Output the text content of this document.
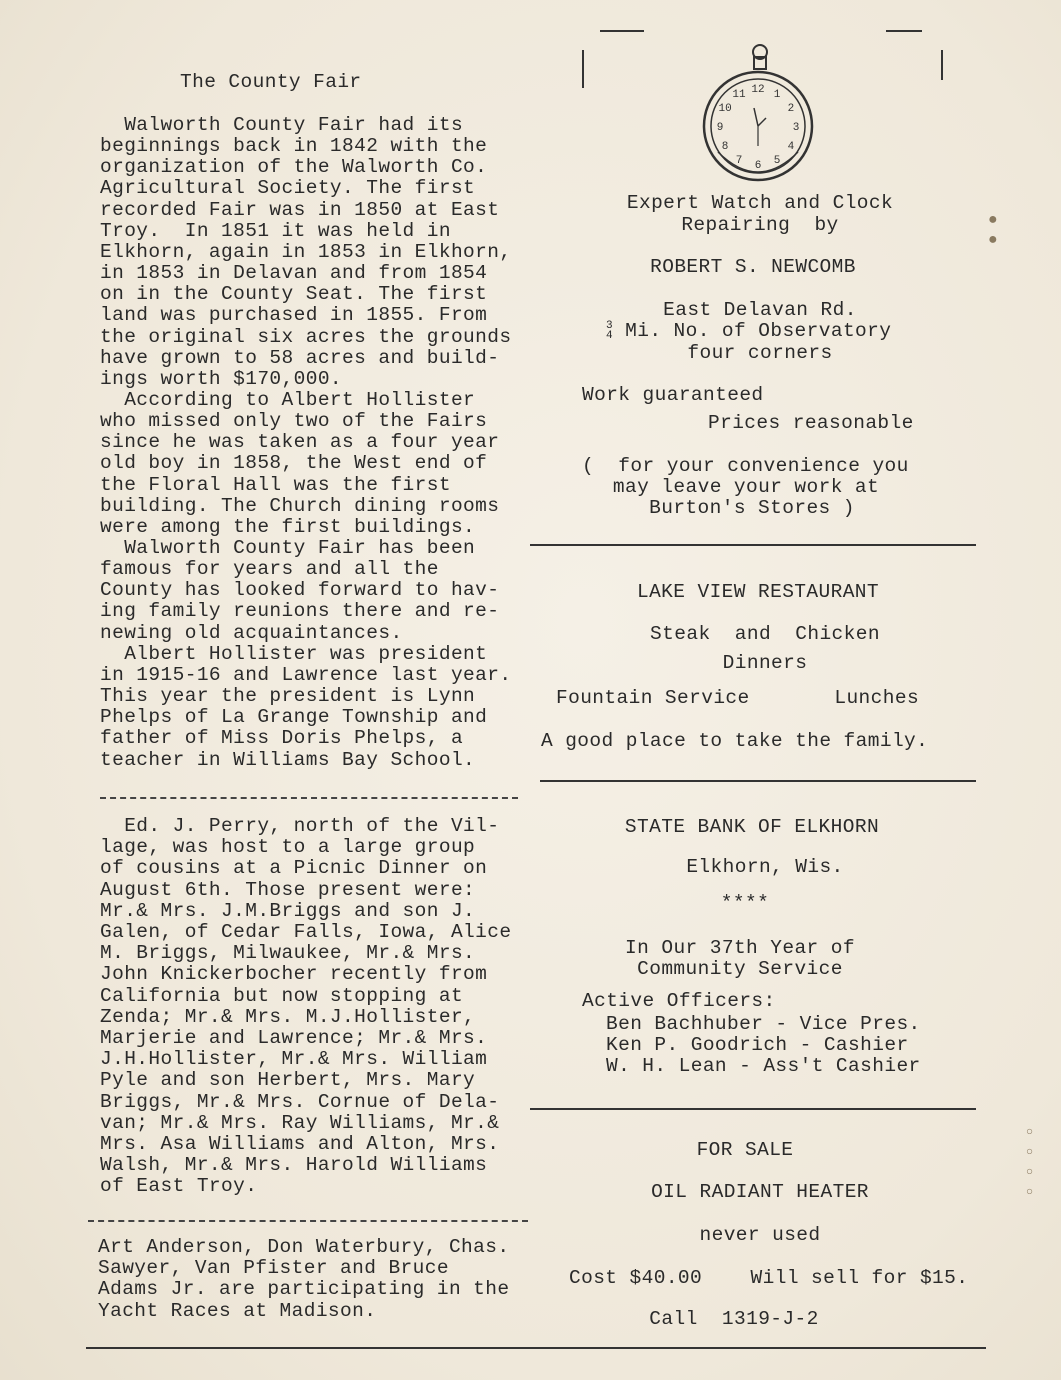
The County Fair
Walworth County Fair had its
beginnings back in 1842 with the
organization of the Walworth Co.
Agricultural Society. The first
recorded Fair was in 1850 at East
Troy.  In 1851 it was held in
Elkhorn, again in 1853 in Elkhorn,
in 1853 in Delavan and from 1854
on in the County Seat. The first
land was purchased in 1855. From
the original six acres the grounds
have grown to 58 acres and build-
ings worth $170,000.
According to Albert Hollister
who missed only two of the Fairs
since he was taken as a four year
old boy in 1858, the West end of
the Floral Hall was the first
building. The Church dining rooms
were among the first buildings.
Walworth County Fair has been
famous for years and all the
County has looked forward to hav-
ing family reunions there and re-
newing old acquaintances.
Albert Hollister was president
in 1915-16 and Lawrence last year.
This year the president is Lynn
Phelps of La Grange Township and
father of Miss Doris Phelps, a
teacher in Williams Bay School.
Ed. J. Perry, north of the Vil-
lage, was host to a large group
of cousins at a Picnic Dinner on
August 6th. Those present were:
Mr.& Mrs. J.M.Briggs and son J.
Galen, of Cedar Falls, Iowa, Alice
M. Briggs, Milwaukee, Mr.& Mrs.
John Knickerbocher recently from
California but now stopping at
Zenda; Mr.& Mrs. M.J.Hollister,
Marjerie and Lawrence; Mr.& Mrs.
J.H.Hollister, Mr.& Mrs. William
Pyle and son Herbert, Mrs. Mary
Briggs, Mr.& Mrs. Cornue of Dela-
van; Mr.& Mrs. Ray Williams, Mr.&
Mrs. Asa Williams and Alton, Mrs.
Walsh, Mr.& Mrs. Harold Williams
of East Troy.
Art Anderson, Don Waterbury, Chas.
Sawyer, Van Pfister and Bruce
Adams Jr. are participating in the
Yacht Races at Madison.
12 1
2
3
4
5
6
7
8
9
10
11
Expert Watch and Clock
Repairing  by
ROBERT S. NEWCOMB
East Delavan Rd.
3
4 Mi. No. of Observatory
four corners
Work guaranteed
Prices reasonable
(  for your convenience you
may leave your work at
Burton's Stores )
LAKE VIEW RESTAURANT
Steak  and  Chicken
Dinners
Fountain Service       Lunches
A good place to take the family.
STATE BANK OF ELKHORN
Elkhorn, Wis.
****
In Our 37th Year of
Community Service
Active Officers:
Ben Bachhuber - Vice Pres.
Ken P. Goodrich - Cashier
W. H. Lean - Ass't Cashier
FOR SALE
OIL RADIANT HEATER
never used
Cost $40.00    Will sell for $15.
Call  1319-J-2
●
●
○
○
○
○
